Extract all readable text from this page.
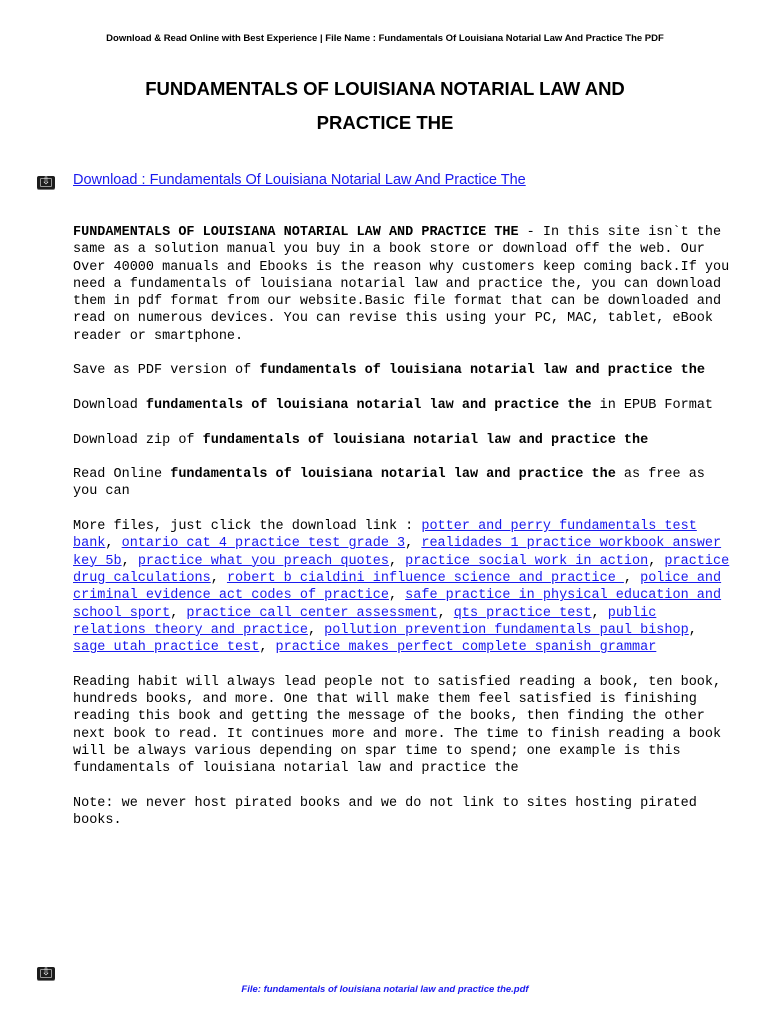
Download & Read Online with Best Experience | File Name : Fundamentals Of Louisiana Notarial Law And Practice The PDF
FUNDAMENTALS OF LOUISIANA NOTARIAL LAW AND
PRACTICE THE
⇩	Download : Fundamentals Of Louisiana Notarial Law And Practice The

FUNDAMENTALS OF LOUISIANA NOTARIAL LAW AND PRACTICE THE - In this site isn`t the same as a solution manual you buy in a book store or download off the web. Our Over 40000 manuals and Ebooks is the reason why customers keep coming back.If you need a fundamentals of louisiana notarial law and practice the, you can download them in pdf format from our website.Basic file format that can be downloaded and read on numerous devices. You can revise this using your PC, MAC, tablet, eBook reader or smartphone.

Save as PDF version of fundamentals of louisiana notarial law and practice the

Download fundamentals of louisiana notarial law and practice the in EPUB Format

Download zip of fundamentals of louisiana notarial law and practice the

Read Online fundamentals of louisiana notarial law and practice the as free as you can

More files, just click the download link : potter and perry fundamentals test bank, ontario cat 4 practice test grade 3, realidades 1 practice workbook answer key 5b, practice what you preach quotes, practice social work in action, practice drug calculations, robert b cialdini influence science and practice , police and criminal evidence act codes of practice, safe practice in physical education and school sport, practice call center assessment, qts practice test, public relations theory and practice, pollution prevention fundamentals paul bishop, sage utah practice test, practice makes perfect complete spanish grammar

Reading habit will always lead people not to satisfied reading a book, ten book, hundreds books, and more. One that will make them feel satisfied is finishing reading this book and getting the message of the books, then finding the other next book to read. It continues more and more. The time to finish reading a book will be always various depending on spar time to spend; one example is this fundamentals of louisiana notarial law and practice the

Note: we never host pirated books and we do not link to sites hosting pirated books.

⇩
File: fundamentals of louisiana notarial law and practice the.pdf
